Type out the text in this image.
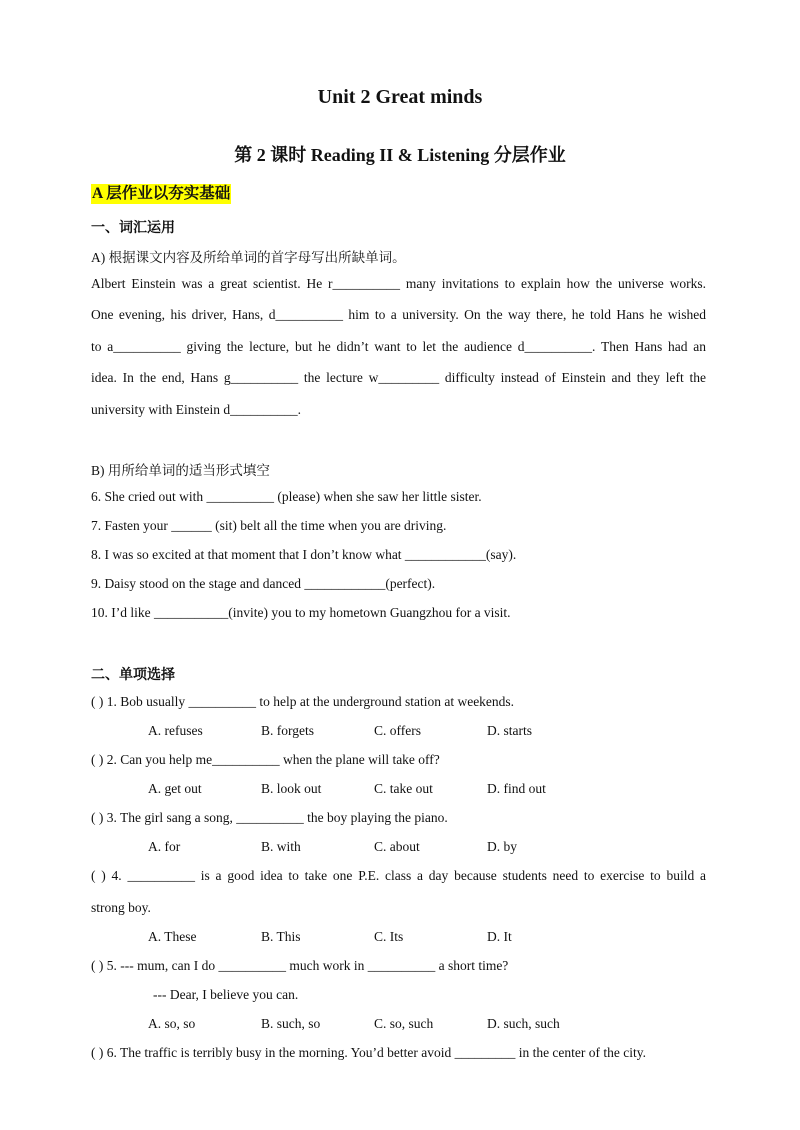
Unit 2 Great minds
第 2 课时 Reading II & Listening 分层作业
A 层作业以夯实基础
一、词汇运用
A) 根据课文内容及所给单词的首字母写出所缺单词。
Albert Einstein was a great scientist. He r__________ many invitations to explain how the universe works.
One evening, his driver, Hans, d__________ him to a university. On the way there, he told Hans he wished
to a__________ giving the lecture, but he didn’t want to let the audience d__________. Then Hans had an
idea. In the end, Hans g__________ the lecture w_________ difficulty instead of Einstein and they left the
university with Einstein d__________.
B) 用所给单词的适当形式填空
6. She cried out with __________ (please) when she saw her little sister.
7. Fasten your ______ (sit) belt all the time when you are driving.
8. I was so excited at that moment that I don’t know what ____________(say).
9. Daisy stood on the stage and danced ____________(perfect).
10. I’d like ___________(invite) you to my hometown Guangzhou for a visit.
二、单项选择
( ) 1. Bob usually __________ to help at the underground station at weekends.
A. refuses	B. forgets	C. offers	D. starts
( ) 2. Can you help me__________ when the plane will take off?
A. get out	B. look out	C. take out	D. find out
( ) 3. The girl sang a song, __________ the boy playing the piano.
A. for	B. with	C. about	D. by
( ) 4. __________ is a good idea to take one P.E. class a day because students need to exercise to build a
strong boy.
A. These	B. This	C. Its	D. It
( ) 5. --- mum, can I do __________ much work in __________ a short time?
--- Dear, I believe you can.
A. so, so	B. such, so	C. so, such	D. such, such
( ) 6. The traffic is terribly busy in the morning. You’d better avoid _________ in the center of the city.
